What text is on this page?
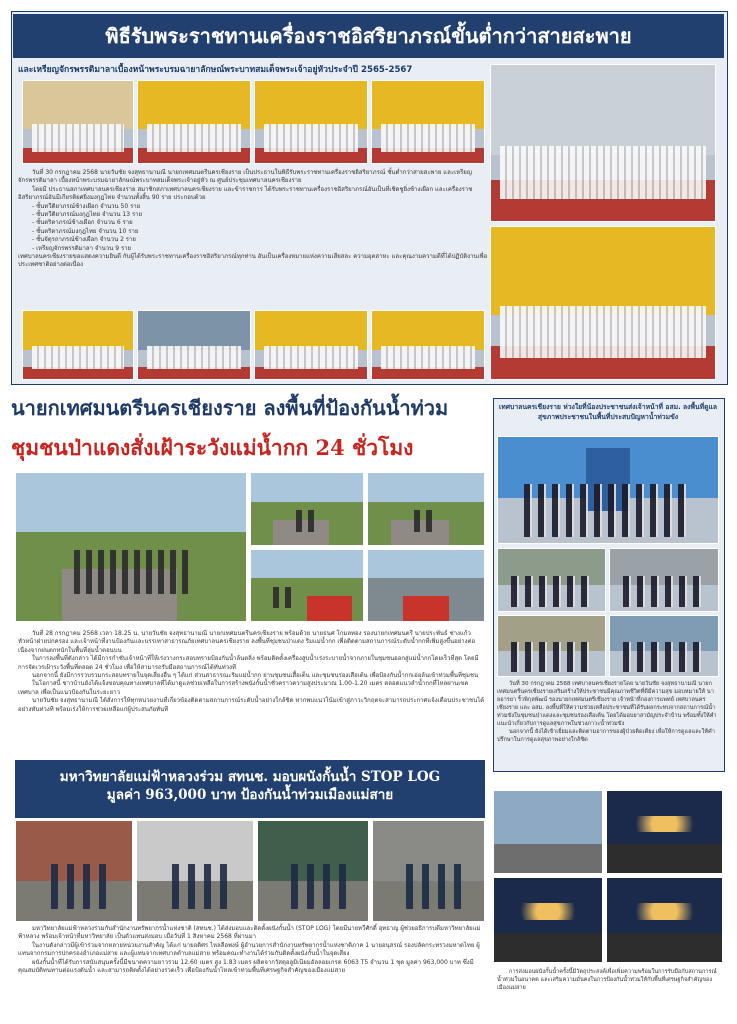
พิธีรับพระราชทานเครื่องราชอิสริยาภรณ์ขั้นต่ำกว่าสายสะพาย
และเหรียญจักรพรรดิมาลาเบื้องหน้าพระบรมฉายาลักษณ์พระบาทสมเด็จพระเจ้าอยู่หัวประจำปี 2565-2567

วันที่ 30 กรกฎาคม 2568 นายวันชัย จงสุทธานามณี นายกเทศมนตรีนครเชียงราย เป็นประธานในพิธีรับพระราชทานเครื่องราชอิสริยาภรณ์ ชั้นต่ำกว่าสายสะพาย และเหรียญจักรพรรดิมาลา เบื้องหน้าพระบรมฉายาลักษณ์พระบาทสมเด็จพระเจ้าอยู่หัว ณ ศูนย์ประชุมเทศบาลนครเชียงราย

โดยมี ประธานสภาเทศบาลนครเชียงราย สมาชิกสภาเทศบาลนครเชียงราย และข้าราชการ ได้รับพระราชทานเครื่องราชอิสริยาภรณ์อันเป็นที่เชิดชูยิ่งช้างเผือก และเครื่องราชอิสริยาภรณ์อันมีเกียรติยศยิ่งมงกุฎไทย จำนวนทั้งสิ้น 90 ราย ประกอบด้วย

- ชั้นทวีติยาภรณ์ช้างเผือก จำนวน 50 ราย
- ชั้นทวีติยาภรณ์มงกุฎไทย จำนวน 13 ราย
- ชั้นตริตาภรณ์ช้างเผือก จำนวน 6 ราย
- ชั้นตริตาภรณ์มงกุฎไทย จำนวน 10 ราย
- ชั้นจัตุรถาภรณ์ช้างเผือก จำนวน 2 ราย
- เหรียญจักรพรรดิมาลา จำนวน 9 ราย

เทศบาลนครเชียงรายขอแสดงความยินดี กับผู้ได้รับพระราชทานเครื่องราชอิสริยาภรณ์ทุกท่าน อันเป็นเครื่องหมายแห่งความเสียสละ ความอุตสาหะ และคุณงามความดีที่ได้ปฏิบัติงานเพื่อประเทศชาติอย่างต่อเนื่อง

นายกเทศมนตรีนครเชียงราย ลงพื้นที่ป้องกันน้ำท่วม
ชุมชนป่าแดงสั่งเฝ้าระวังแม่น้ำกก 24 ชั่วโมง

วันที่ 28 กรกฎาคม 2568 เวลา 18.25 น. นายวันชัย จงสุทธานามณี นายกเทศมนตรีนครเชียงราย พร้อมด้วย นายธนศ โกมลทอง รองนายกเทศมนตรี นายประพันธ์ ช่างแก้ว หัวหน้าฝ่ายปกครอง และเจ้าหน้าที่งานป้องกันและบรรเทาสาธารณภัยเทศบาลนครเชียงราย ลงพื้นที่ชุมชนป่าแดง ริมแม่น้ำกก เพื่อติดตามสถานการณ์ระดับน้ำกกที่เพิ่มสูงขึ้นอย่างต่อเนื่องจากฝนตกหนักในพื้นที่ลุ่มน้ำตอนบน

ในการลงพื้นที่ดังกล่าว ได้มีการกำชับเจ้าหน้าที่ให้เร่งวางกระสอบทรายป้องกันน้ำล้นตลิ่ง พร้อมติดตั้งเครื่องสูบน้ำเร่งระบายน้ำจากภายในชุมชนออกสู่แม่น้ำกกโดยเร็วที่สุด โดยมีการจัดเวรเฝ้าระวังพื้นที่ตลอด 24 ชั่วโมง เพื่อให้สามารถรับมือสถานการณ์ได้ทันท่วงที

นอกจากนี้ ยังมีการรวบรวมกระสอบทรายในจุดเสี่ยงอื่น ๆ ได้แก่ ส่วนสาธารณะริมแม่น้ำกก ย่านชุมชนเสื้อเต็น และชุมชนร่องเสือเต้น เพื่อป้องกันน้ำกกเอ่อล้นเข้าท่วมพื้นที่ชุมชน

ในโอกาสนี้ ชาวบ้านยังได้แจ้งขอบคุณทางเทศบาลที่ได้มาดูแลช่วยเหลือในการสร้างพนังกั้นน้ำชั่วคราวความสูงประมาณ 1.00-1.20 เมตร ตลอดแนวลำน้ำกกที่ไหลผ่านเขตเทศบาล เพื่อเป็นแนวป้องกันในระยะยาว

นายวันชัย จงสุทธานามณี ได้สั่งการให้ทุกหน่วยงานที่เกี่ยวข้องติดตามสถานการณ์ระดับน้ำอย่างใกล้ชิด หากพบแนวโน้มเข้าสู่ภาวะวิกฤตจะสามารถประกาศแจ้งเตือนประชาชนได้อย่างทันท่วงที พร้อมเร่งให้การช่วยเหลือแก่ผู้ประสบภัยทันที

มหาวิทยาลัยแม่ฟ้าหลวงร่วม สทนช. มอบผนังกั้นน้ำ STOP LOG
มูลค่า 963,000 บาท ป้องกันน้ำท่วมเมืองแม่สาย

มหาวิทยาลัยแม่ฟ้าหลวงร่วมกับสำนักงานทรัพยากรน้ำแห่งชาติ (สทนช.) ได้ส่งมอบและติดตั้งผนังกั้นน้ำ (STOP LOG) โดยมีนายทวีศักดิ์ อุทธาญ ผู้ช่วยอธิการบดีมหาวิทยาลัยแม่ฟ้าหลวง พร้อมเจ้าหน้าที่มหาวิทยาลัย เป็นตัวแทนส่งมอบ เมื่อวันที่ 1 สิงหาคม 2568 ที่ผ่านมา

ในงานดังกล่าวมีผู้เข้าร่วมจากหลายหน่วยงานสำคัญ ได้แก่ นายอดิศร ไหลลือพงษ์ ผู้อำนวยการสำนักงานทรัพยากรน้ำแห่งชาติภาค 1 นายอนุสรณ์ รองปลัดกระทรวงมหาดไทย ผู้แทนจากกรมการปกครองอำเภอแม่สาย และผู้แทนจากเทศบาลตำบลแม่สาย พร้อมคณะทำงานได้ร่วมกันติดตั้งผนังกั้นน้ำในจุดเสี่ยง

ผนังกั้นน้ำที่ได้รับการสนับสนุนครั้งนี้มีขนาดความยาวรวม 12.60 เมตร สูง 1.83 เมตร ผลิตจากวัสดุอลูมิเนียมอัลลอยเกรด 6063 T5 จำนวน 1 ชุด มูลค่า 963,000 บาท ซึ่งมีคุณสมบัติทนทานต่อแรงดันน้ำ และสามารถติดตั้งได้อย่างรวดเร็ว เพื่อป้องกันน้ำไหลเข้าท่วมพื้นที่เศรษฐกิจสำคัญของเมืองแม่สาย

เทศบาลนครเชียงราย ห่วงใยที่น้องประชาชนส่งเจ้าหน้าที่ อสม. ลงพื้นที่ดูแลสุขภาพประชาชนในพื้นที่ประสบปัญหาน้ำท่วมขัง

วันที่ 30 กรกฎาคม 2568 เทศบาลนครเชียงรายโดย นายวันชัย จงสุทธานามณี นายกเทศมนตรีนครเชียงรายเสริมสร้างให้ประชาชนมีคุณภาพชีวิตที่ดีมีความสุข มอบหมายให้ นายอารยา ริ้วพิกุลพัฒน์ รองนายกเทศมนตรีเชียงราย เจ้าหน้าที่กองการแพทย์ เทศบาลนครเชียงราย และ อสม. ลงพื้นที่ให้ความช่วยเหลือประชาชนที่ได้รับผลกระทบจากสถานการณ์น้ำท่วมขังในชุมชนป่าแดงและชุมชนร่องเสือเต้น โดยได้มอบยาสามัญประจำบ้าน พร้อมทั้งให้คำแนะนำเกี่ยวกับการดูแลสุขภาพในช่วงภาวะน้ำท่วมขัง

นอกจากนี้ ยังได้เข้าเยี่ยมและติดตามอาการของผู้ป่วยติดเตียง เพื่อให้การดูแลและให้คำปรึกษาในการดูแลสุขภาพอย่างใกล้ชิด

การส่งมอบผนังกั้นน้ำครั้งนี้มีวัตถุประสงค์เพื่อเพิ่มความพร้อมในการรับมือกับสถานการณ์น้ำท่วมในอนาคต และเสริมความมั่นคงในการป้องกันน้ำท่วมให้กับพื้นที่เศรษฐกิจสำคัญของเมืองแม่สาย
